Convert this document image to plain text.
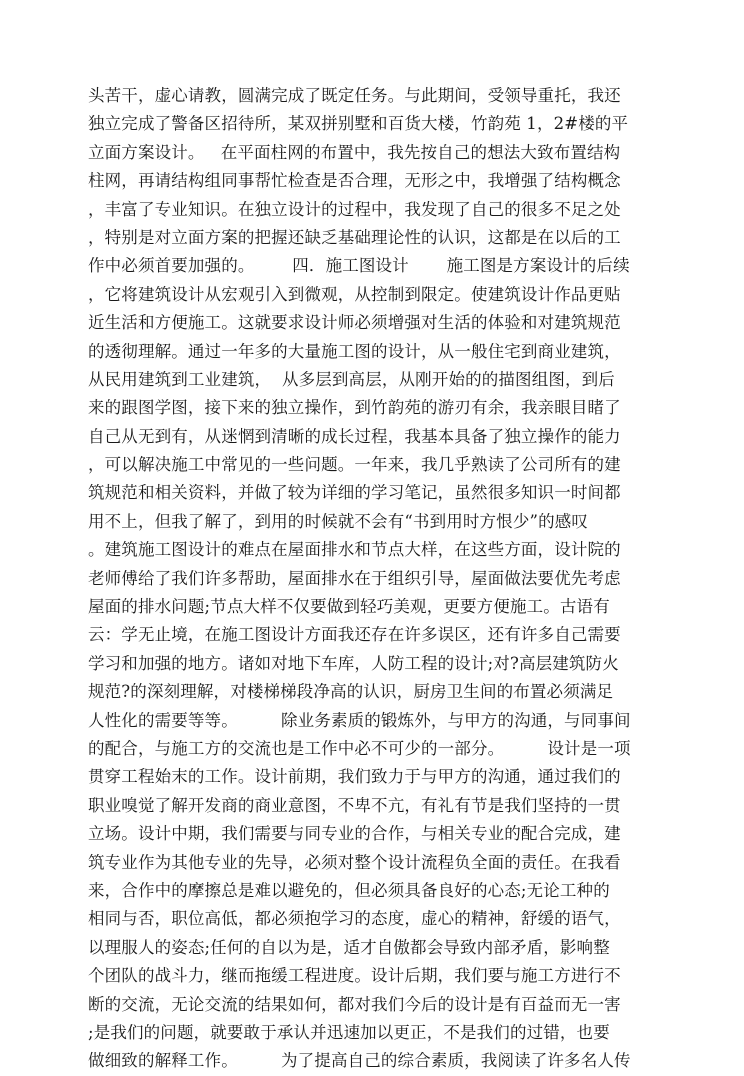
头苦干，虚心请教，圆满完成了既定任务。与此期间，受领导重托，我还
独立完成了警备区招待所，某双拼别墅和百货大楼，竹韵苑 1，2#楼的平
立面方案设计。   在平面柱网的布置中，我先按自己的想法大致布置结构
柱网，再请结构组同事帮忙检查是否合理，无形之中，我增强了结构概念
，丰富了专业知识。在独立设计的过程中，我发现了自己的很多不足之处
，特别是对立面方案的把握还缺乏基础理论性的认识，这都是在以后的工
作中必须首要加强的。       四．施工图设计       施工图是方案设计的后续
，它将建筑设计从宏观引入到微观，从控制到限定。使建筑设计作品更贴
近生活和方便施工。这就要求设计师必须增强对生活的体验和对建筑规范
的透彻理解。通过一年多的大量施工图的设计，从一般住宅到商业建筑，
从民用建筑到工业建筑，  从多层到高层，从刚开始的的描图组图，到后
来的跟图学图，接下来的独立操作，到竹韵苑的游刃有余，我亲眼目睹了
自己从无到有，从迷惘到清晰的成长过程，我基本具备了独立操作的能力
，可以解决施工中常见的一些问题。一年来，我几乎熟读了公司所有的建
筑规范和相关资料，并做了较为详细的学习笔记，虽然很多知识一时间都
用不上，但我了解了，到用的时候就不会有“书到用时方恨少”的感叹
。建筑施工图设计的难点在屋面排水和节点大样，在这些方面，设计院的
老师傅给了我们许多帮助，屋面排水在于组织引导，屋面做法要优先考虑
屋面的排水问题;节点大样不仅要做到轻巧美观，更要方便施工。古语有
云：学无止境，在施工图设计方面我还存在许多误区，还有许多自己需要
学习和加强的地方。诸如对地下车库，人防工程的设计;对?高层建筑防火
规范?的深刻理解，对楼梯梯段净高的认识，厨房卫生间的布置必须满足
人性化的需要等等。        除业务素质的锻炼外，与甲方的沟通，与同事间
的配合，与施工方的交流也是工作中必不可少的一部分。        设计是一项
贯穿工程始末的工作。设计前期，我们致力于与甲方的沟通，通过我们的
职业嗅觉了解开发商的商业意图，不卑不亢，有礼有节是我们坚持的一贯
立场。设计中期，我们需要与同专业的合作，与相关专业的配合完成，建
筑专业作为其他专业的先导，必须对整个设计流程负全面的责任。在我看
来，合作中的摩擦总是难以避免的，但必须具备良好的心态;无论工种的
相同与否，职位高低，都必须抱学习的态度，虚心的精神，舒缓的语气，
以理服人的姿态;任何的自以为是，适才自傲都会导致内部矛盾，影响整
个团队的战斗力，继而拖缓工程进度。设计后期，我们要与施工方进行不
断的交流，无论交流的结果如何，都对我们今后的设计是有百益而无一害
;是我们的问题，就要敢于承认并迅速加以更正，不是我们的过错，也要
做细致的解释工作。        为了提高自己的综合素质，我阅读了许多名人传
